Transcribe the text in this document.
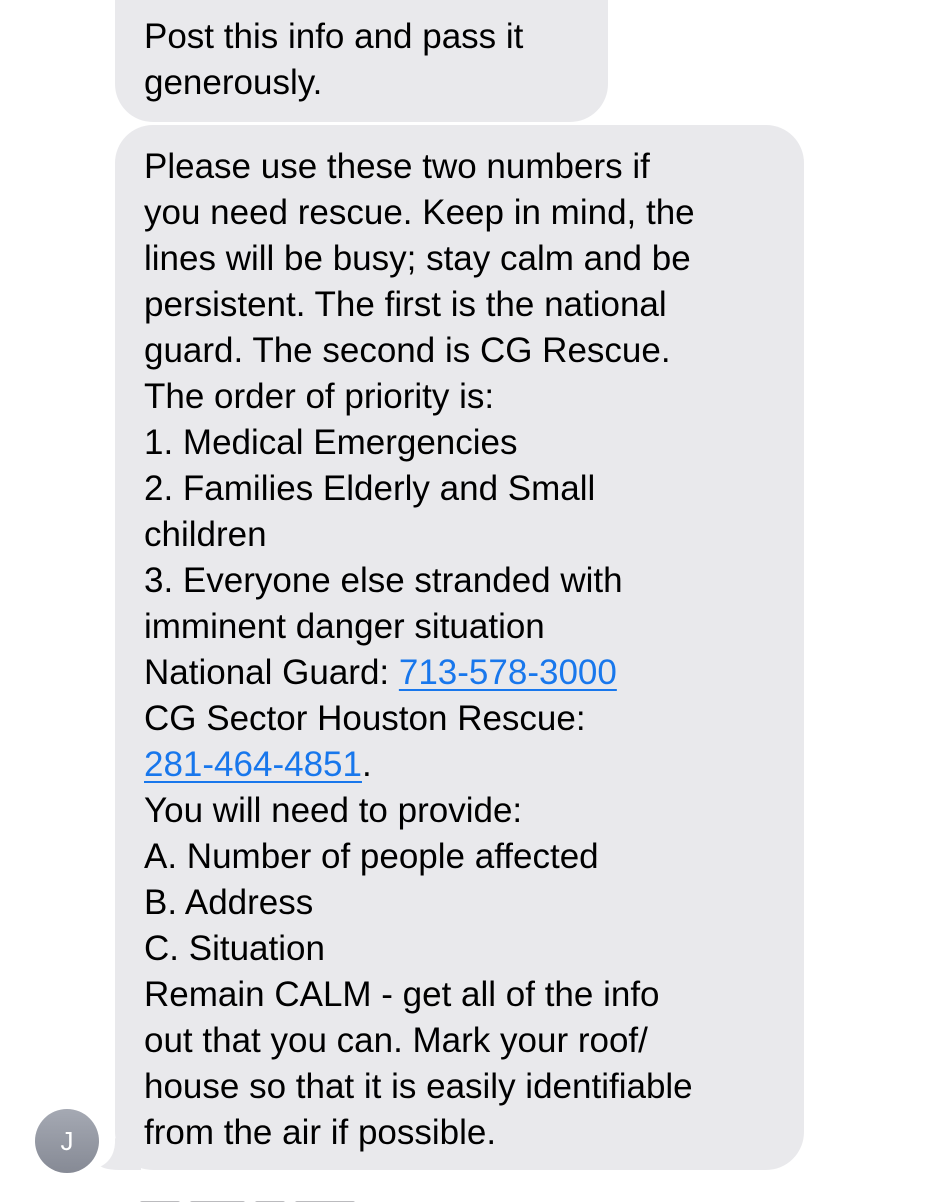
Post this info and pass it
generously.
Please use these two numbers if
you need rescue. Keep in mind, the
lines will be busy; stay calm and be
persistent. The first is the national
guard. The second is CG Rescue.
The order of priority is:
1. Medical Emergencies
2. Families Elderly and Small
children
3. Everyone else stranded with
imminent danger situation
National Guard: 713-578-3000
CG Sector Houston Rescue:
281-464-4851.
You will need to provide:
A. Number of people affected
B. Address
C. Situation
Remain CALM - get all of the info
out that you can. Mark your roof/
house so that it is easily identifiable
from the air if possible.
J
